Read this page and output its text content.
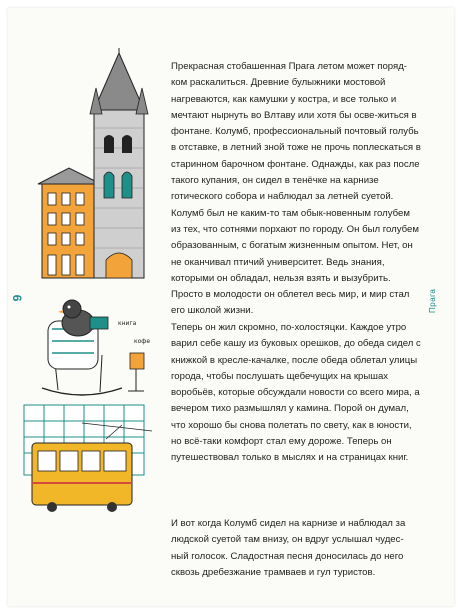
книга
кофе
9	Прага

Прекрасная стобашенная Прага летом может поряд-ком раскалиться. Древние булыжники мостовой нагреваются, как камушки у костра, и все только и мечтают нырнуть во Влтаву или хотя бы осве-житься в фонтане. Колумб, профессиональный почтовый голубь в отставке, в летний зной тоже не прочь поплескаться в старинном барочном фонтане. Однажды, как раз после такого купания, он сидел в тенёчке на карнизе готического собора и наблюдал за летней суетой. Колумб был не каким-то там обык-новенным голубем из тех, что сотнями порхают по городу. Он был голубем образованным, с богатым жизненным опытом. Нет, он не оканчивал птичий университет. Ведь знания, которыми он обладал, нельзя взять и вызубрить. Просто в молодости он облетел весь мир, и мир стал его школой жизни.

Теперь он жил скромно, по-холостяцки. Каждое утро варил себе кашу из буковых орешков, до обеда сидел с книжкой в кресле-качалке, после обеда облетал улицы города, чтобы послушать щебечущих на крышах воробьёв, которые обсуждали новости со всего мира, а вечером тихо размышлял у камина. Порой он думал, что хорошо бы снова полетать по свету, как в юности, но всё-таки комфорт стал ему дороже. Теперь он путешествовал только в мыслях и на страницах книг.

И вот когда Колумб сидел на карнизе и наблюдал за людской суетой там внизу, он вдруг услышал чудес-ный голосок. Сладостная песня доносилась до него сквозь дребезжание трамваев и гул туристов.
